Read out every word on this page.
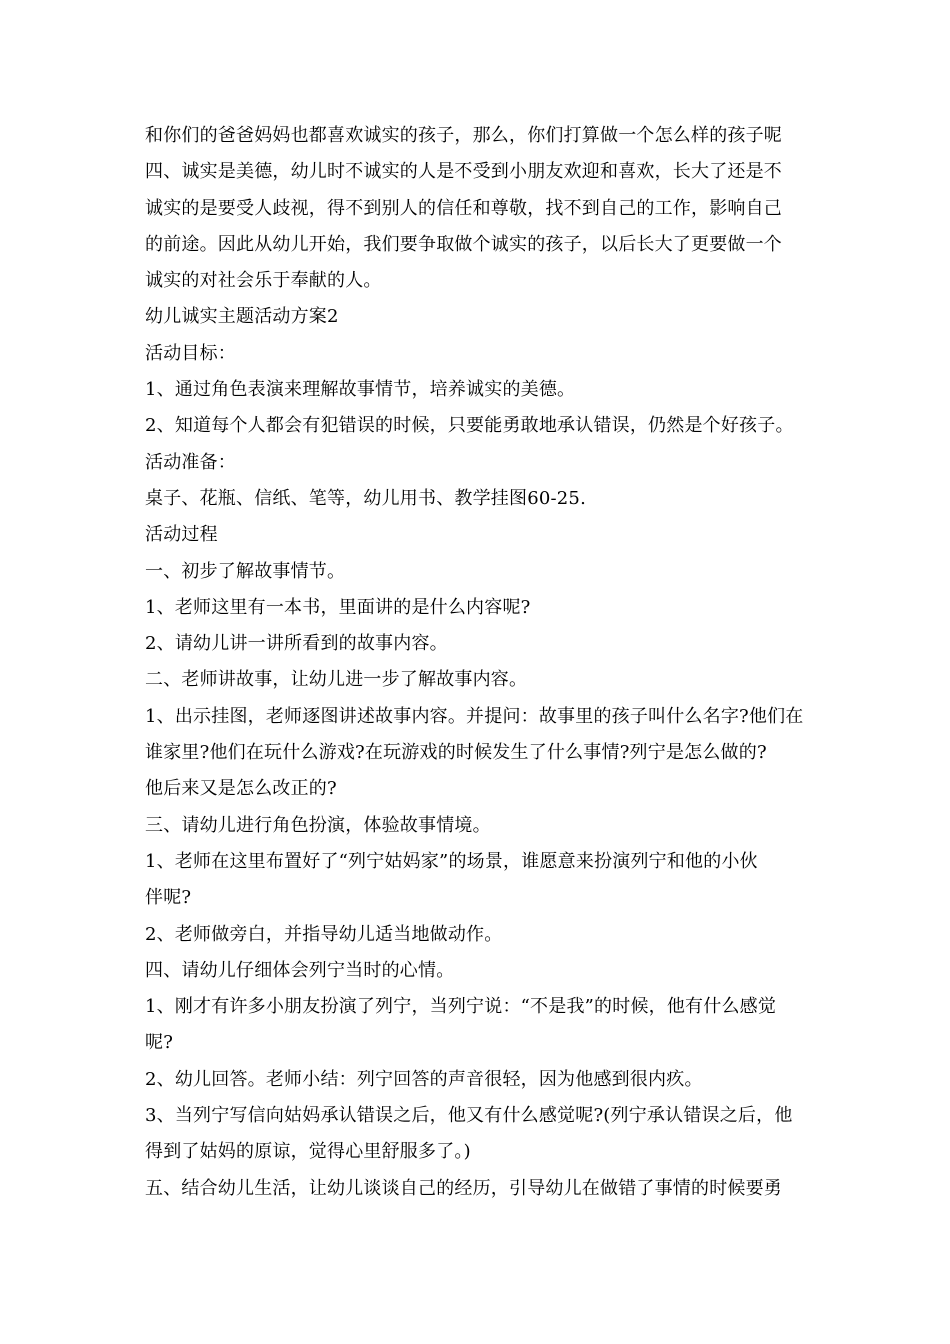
和你们的爸爸妈妈也都喜欢诚实的孩子，那么，你们打算做一个怎么样的孩子呢
四、诚实是美德，幼儿时不诚实的人是不受到小朋友欢迎和喜欢，长大了还是不
诚实的是要受人歧视，得不到别人的信任和尊敬，找不到自己的工作，影响自己
的前途。因此从幼儿开始，我们要争取做个诚实的孩子，以后长大了更要做一个
诚实的对社会乐于奉献的人。
幼儿诚实主题活动方案2
活动目标：
1、通过角色表演来理解故事情节，培养诚实的美德。
2、知道每个人都会有犯错误的时候，只要能勇敢地承认错误，仍然是个好孩子。
活动准备：
桌子、花瓶、信纸、笔等，幼儿用书、教学挂图60-25.
活动过程
一、初步了解故事情节。
1、老师这里有一本书，里面讲的是什么内容呢?
2、请幼儿讲一讲所看到的故事内容。
二、老师讲故事，让幼儿进一步了解故事内容。
1、出示挂图，老师逐图讲述故事内容。并提问：故事里的孩子叫什么名字?他们在
谁家里?他们在玩什么游戏?在玩游戏的时候发生了什么事情?列宁是怎么做的?
他后来又是怎么改正的?
三、请幼儿进行角色扮演，体验故事情境。
1、老师在这里布置好了“列宁姑妈家”的场景，谁愿意来扮演列宁和他的小伙
伴呢?
2、老师做旁白，并指导幼儿适当地做动作。
四、请幼儿仔细体会列宁当时的心情。
1、刚才有许多小朋友扮演了列宁，当列宁说：“不是我”的时候，他有什么感觉
呢?
2、幼儿回答。老师小结：列宁回答的声音很轻，因为他感到很内疚。
3、当列宁写信向姑妈承认错误之后，他又有什么感觉呢?(列宁承认错误之后，他
得到了姑妈的原谅，觉得心里舒服多了。)
五、结合幼儿生活，让幼儿谈谈自己的经历，引导幼儿在做错了事情的时候要勇
